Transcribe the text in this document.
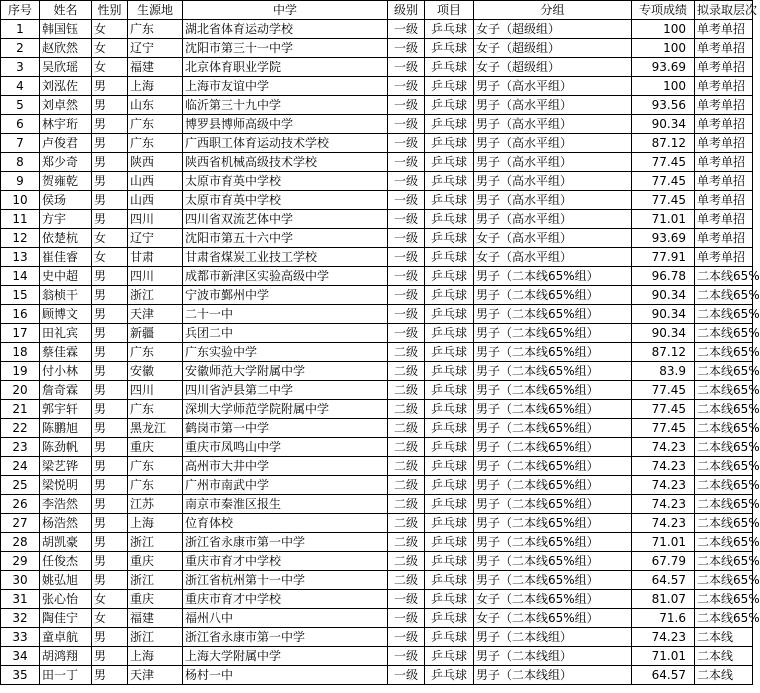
序号	姓名	性别	生源地	中学	级别	项目	分组	专项成绩	拟录取层次
1	韩国钰	女	广东	湖北省体育运动学校	一级	乒乓球	女子（超级组）	100	单考单招
2	赵欣然	女	辽宁	沈阳市第三十一中学	一级	乒乓球	女子（超级组）	100	单考单招
3	吴欣瑶	女	福建	北京体育职业学院	一级	乒乓球	女子（超级组）	93.69	单考单招
4	刘泓佐	男	上海	上海市友谊中学	一级	乒乓球	男子（高水平组）	100	单考单招
5	刘卓然	男	山东	临沂第三十九中学	一级	乒乓球	男子（高水平组）	93.56	单考单招
6	林宇珩	男	广东	博罗县博师高级中学	一级	乒乓球	男子（高水平组）	90.34	单考单招
7	卢俊君	男	广东	广西职工体育运动技术学校	一级	乒乓球	男子（高水平组）	87.12	单考单招
8	郑少奇	男	陕西	陕西省机械高级技术学校	一级	乒乓球	男子（高水平组）	77.45	单考单招
9	贺雍乾	男	山西	太原市育英中学校	一级	乒乓球	男子（高水平组）	77.45	单考单招
10	侯玚	男	山西	太原市育英中学校	一级	乒乓球	男子（高水平组）	77.45	单考单招
11	方宇	男	四川	四川省双流艺体中学	一级	乒乓球	男子（高水平组）	71.01	单考单招
12	依楚杭	女	辽宁	沈阳市第五十六中学	一级	乒乓球	女子（高水平组）	93.69	单考单招
13	崔佳睿	女	甘肃	甘肃省煤炭工业技工学校	一级	乒乓球	女子（高水平组）	77.91	单考单招
14	史中超	男	四川	成都市新津区实验高级中学	一级	乒乓球	男子（二本线65%组）	96.78	二本线65%
15	翁桢干	男	浙江	宁波市鄞州中学	一级	乒乓球	男子（二本线65%组）	90.34	二本线65%
16	顾博文	男	天津	二十一中	一级	乒乓球	男子（二本线65%组）	90.34	二本线65%
17	田礼宾	男	新疆	兵团二中	一级	乒乓球	男子（二本线65%组）	90.34	二本线65%
18	蔡佳霖	男	广东	广东实验中学	二级	乒乓球	男子（二本线65%组）	87.12	二本线65%
19	付小林	男	安徽	安徽师范大学附属中学	二级	乒乓球	男子（二本线65%组）	83.9	二本线65%
20	詹奇霖	男	四川	四川省泸县第二中学	二级	乒乓球	男子（二本线65%组）	77.45	二本线65%
21	郭宇轩	男	广东	深圳大学师范学院附属中学	二级	乒乓球	男子（二本线65%组）	77.45	二本线65%
22	陈鹏旭	男	黑龙江	鹤岗市第一中学	二级	乒乓球	男子（二本线65%组）	77.45	二本线65%
23	陈劲帆	男	重庆	重庆市凤鸣山中学	二级	乒乓球	男子（二本线65%组）	74.23	二本线65%
24	梁艺铧	男	广东	高州市大井中学	二级	乒乓球	男子（二本线65%组）	74.23	二本线65%
25	梁悦明	男	广东	广州市南武中学	二级	乒乓球	男子（二本线65%组）	74.23	二本线65%
26	李浩然	男	江苏	南京市秦淮区报生	二级	乒乓球	男子（二本线65%组）	74.23	二本线65%
27	杨浩然	男	上海	位育体校	二级	乒乓球	男子（二本线65%组）	74.23	二本线65%
28	胡凯豪	男	浙江	浙江省永康市第一中学	二级	乒乓球	男子（二本线65%组）	71.01	二本线65%
29	任俊杰	男	重庆	重庆市育才中学校	二级	乒乓球	男子（二本线65%组）	67.79	二本线65%
30	姚弘旭	男	浙江	浙江省杭州第十一中学	二级	乒乓球	男子（二本线65%组）	64.57	二本线65%
31	张心怡	女	重庆	重庆市育才中学校	一级	乒乓球	女子（二本线65%组）	81.07	二本线65%
32	陶佳宁	女	福建	福州八中	一级	乒乓球	女子（二本线65%组）	71.6	二本线65%
33	童卓航	男	浙江	浙江省永康市第一中学	一级	乒乓球	男子（二本线组）	74.23	二本线
34	胡鸿翔	男	上海	上海大学附属中学	一级	乒乓球	男子（二本线组）	71.01	二本线
35	田一丁	男	天津	杨村一中	一级	乒乓球	男子（二本线组）	64.57	二本线
